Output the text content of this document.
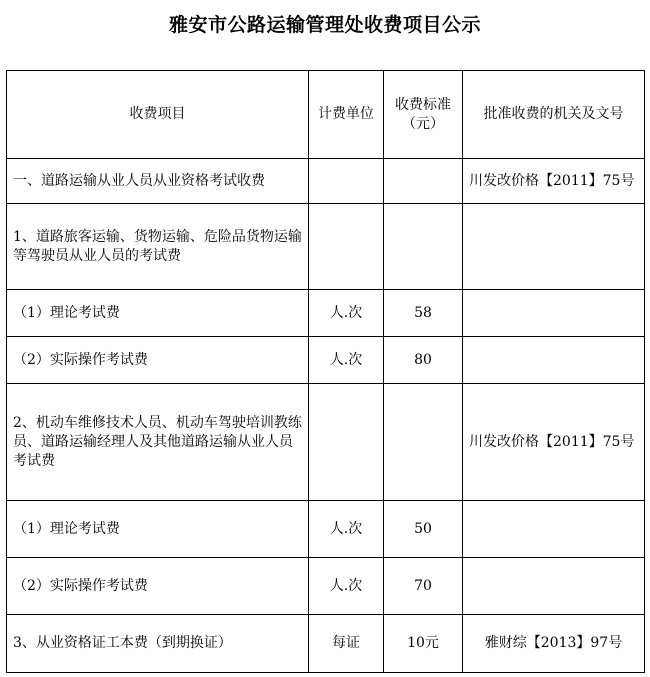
雅安市公路运输管理处收费项目公示
收费项目	计费单位	收费标准（元）	批准收费的机关及文号
一、道路运输从业人员从业资格考试收费			川发改价格【2011】75号
1、道路旅客运输、货物运输、危险品货物运输等驾驶员从业人员的考试费			
（1）理论考试费	人.次	58	
（2）实际操作考试费	人.次	80	
2、机动车维修技术人员、机动车驾驶培训教练员、道路运输经理人及其他道路运输从业人员考试费			川发改价格【2011】75号
（1）理论考试费	人.次	50	
（2）实际操作考试费	人.次	70	
3、从业资格证工本费（到期换证）	每证	10元	雅财综【2013】97号
